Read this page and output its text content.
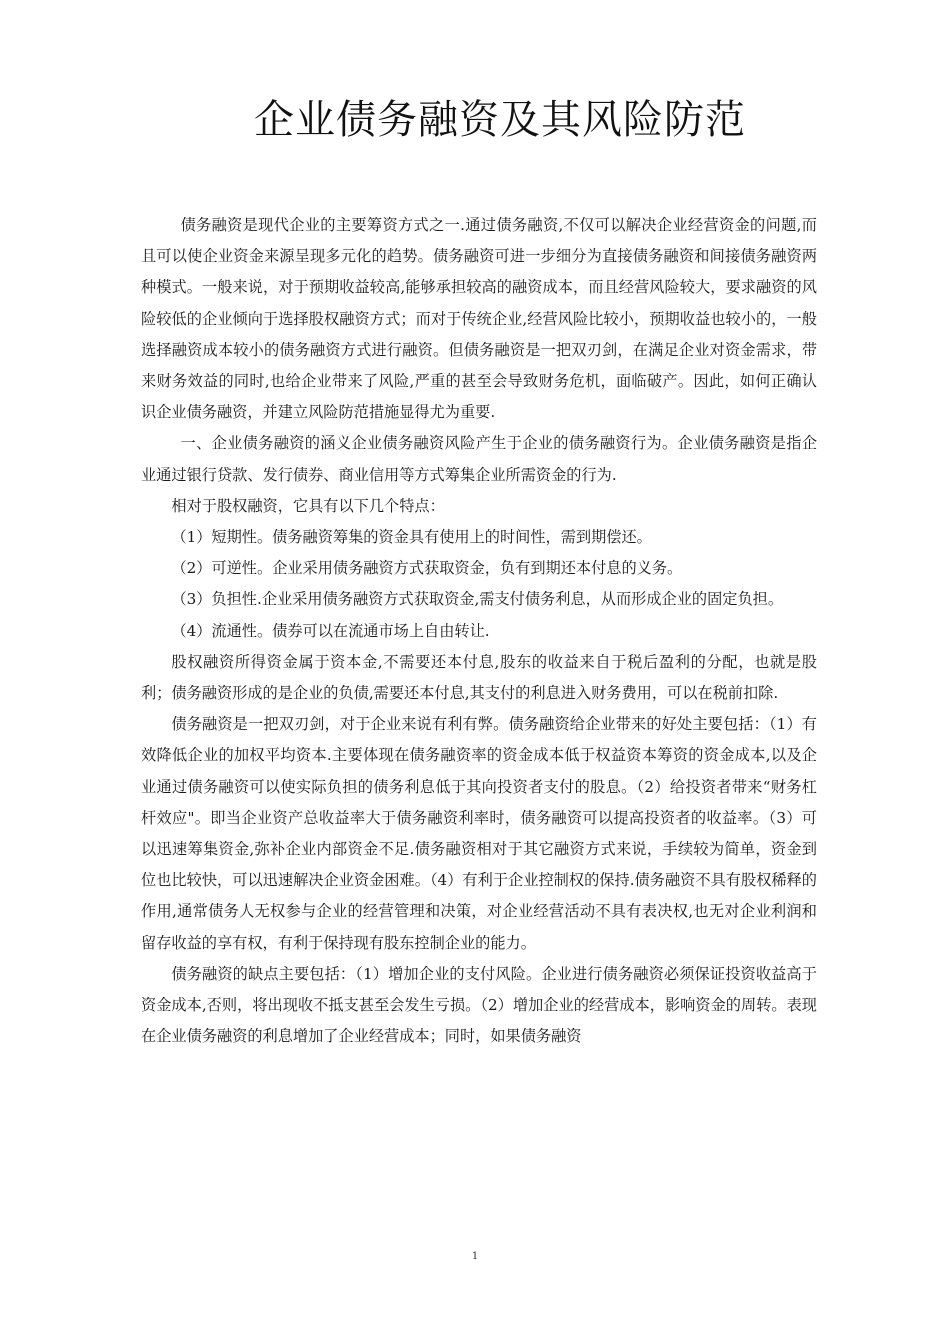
企业债务融资及其风险防范

债务融资是现代企业的主要筹资方式之一.通过债务融资,不仅可以解决企业经营资金的问题,而且可以使企业资金来源呈现多元化的趋势。债务融资可进一步细分为直接债务融资和间接债务融资两种模式。一般来说，对于预期收益较高,能够承担较高的融资成本，而且经营风险较大，要求融资的风险较低的企业倾向于选择股权融资方式；而对于传统企业,经营风险比较小，预期收益也较小的，一般选择融资成本较小的债务融资方式进行融资。但债务融资是一把双刃剑，在满足企业对资金需求，带来财务效益的同时,也给企业带来了风险,严重的甚至会导致财务危机，面临破产。因此，如何正确认识企业债务融资，并建立风险防范措施显得尤为重要.

一、企业债务融资的涵义企业债务融资风险产生于企业的债务融资行为。企业债务融资是指企业通过银行贷款、发行债券、商业信用等方式筹集企业所需资金的行为.

相对于股权融资，它具有以下几个特点：

（1）短期性。债务融资筹集的资金具有使用上的时间性，需到期偿还。

（2）可逆性。企业采用债务融资方式获取资金，负有到期还本付息的义务。

（3）负担性.企业采用债务融资方式获取资金,需支付债务利息，从而形成企业的固定负担。

（4）流通性。债券可以在流通市场上自由转让.

股权融资所得资金属于资本金,不需要还本付息,股东的收益来自于税后盈利的分配，也就是股利；债务融资形成的是企业的负债,需要还本付息,其支付的利息进入财务费用，可以在税前扣除.

债务融资是一把双刃剑，对于企业来说有利有弊。债务融资给企业带来的好处主要包括：（1）有效降低企业的加权平均资本.主要体现在债务融资率的资金成本低于权益资本筹资的资金成本,以及企业通过债务融资可以使实际负担的债务利息低于其向投资者支付的股息。（2）给投资者带来“财务杠杆效应"。即当企业资产总收益率大于债务融资利率时，债务融资可以提高投资者的收益率。（3）可以迅速筹集资金,弥补企业内部资金不足.债务融资相对于其它融资方式来说，手续较为简单，资金到位也比较快，可以迅速解决企业资金困难。（4）有利于企业控制权的保持.债务融资不具有股权稀释的作用,通常债务人无权参与企业的经营管理和决策，对企业经营活动不具有表决权,也无对企业利润和留存收益的享有权，有利于保持现有股东控制企业的能力。

债务融资的缺点主要包括：（1）增加企业的支付风险。企业进行债务融资必须保证投资收益高于资金成本,否则，将出现收不抵支甚至会发生亏损。（2）增加企业的经营成本，影响资金的周转。表现在企业债务融资的利息增加了企业经营成本；同时，如果债务融资

1
